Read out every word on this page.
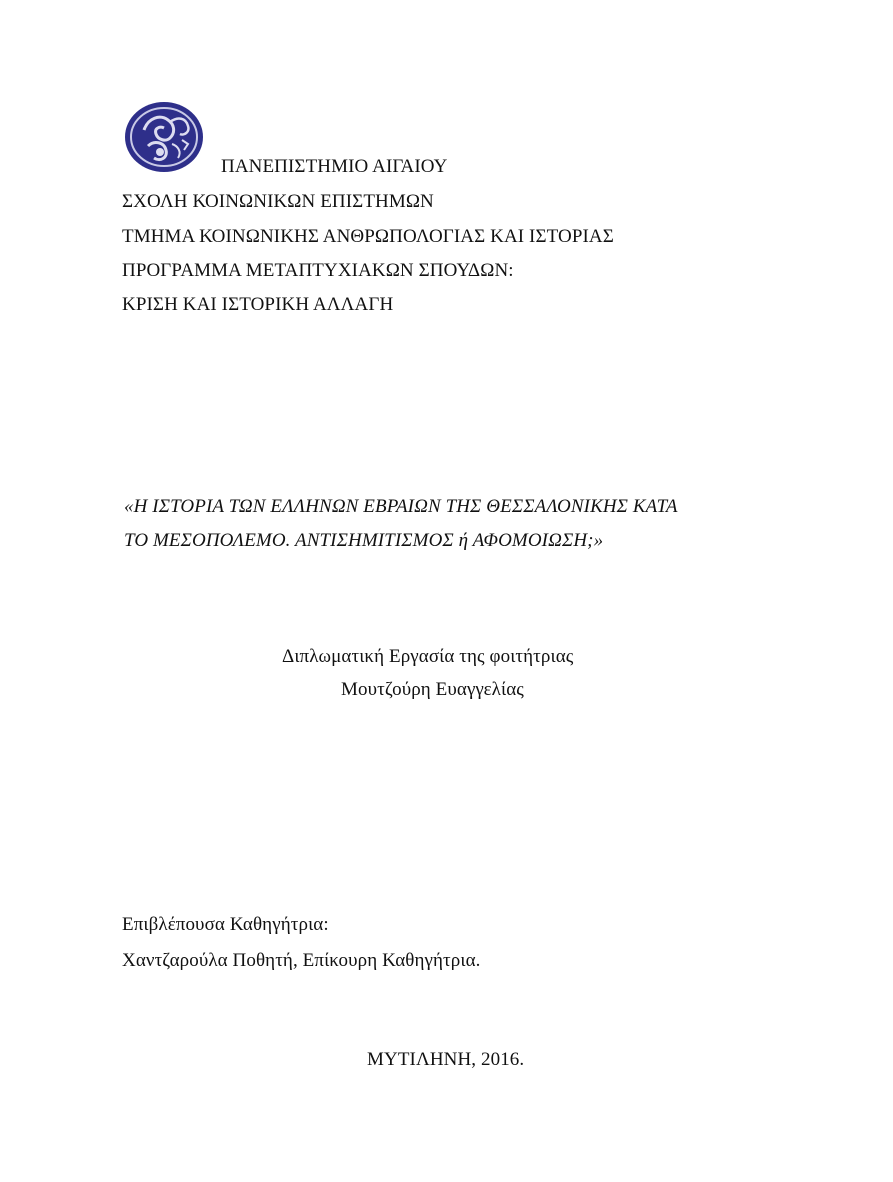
ΠΑΝΕΠΙΣΤΗΜΙΟ ΑΙΓΑΙΟΥ
ΣΧΟΛΗ ΚΟΙΝΩΝΙΚΩΝ ΕΠΙΣΤΗΜΩΝ
ΤΜΗΜΑ ΚΟΙΝΩΝΙΚΗΣ ΑΝΘΡΩΠΟΛΟΓΙΑΣ ΚΑΙ ΙΣΤΟΡΙΑΣ
ΠΡΟΓΡΑΜΜΑ ΜΕΤΑΠΤΥΧΙΑΚΩΝ ΣΠΟΥΔΩΝ:
ΚΡΙΣΗ ΚΑΙ ΙΣΤΟΡΙΚΗ ΑΛΛΑΓΗ
«Η ΙΣΤΟΡΙΑ ΤΩΝ ΕΛΛΗΝΩΝ ΕΒΡΑΙΩΝ ΤΗΣ ΘΕΣΣΑΛΟΝΙΚΗΣ ΚΑΤΑ
ΤΟ ΜΕΣΟΠΟΛΕΜΟ. ΑΝΤΙΣΗΜΙΤΙΣΜΟΣ ή ΑΦΟΜΟΙΩΣΗ;»
Διπλωματική Εργασία της φοιτήτριας
Μουτζούρη Ευαγγελίας
Επιβλέπουσα Καθηγήτρια:
Χαντζαρούλα Ποθητή, Επίκουρη Καθηγήτρια.
ΜΥΤΙΛΗΝΗ, 2016.
